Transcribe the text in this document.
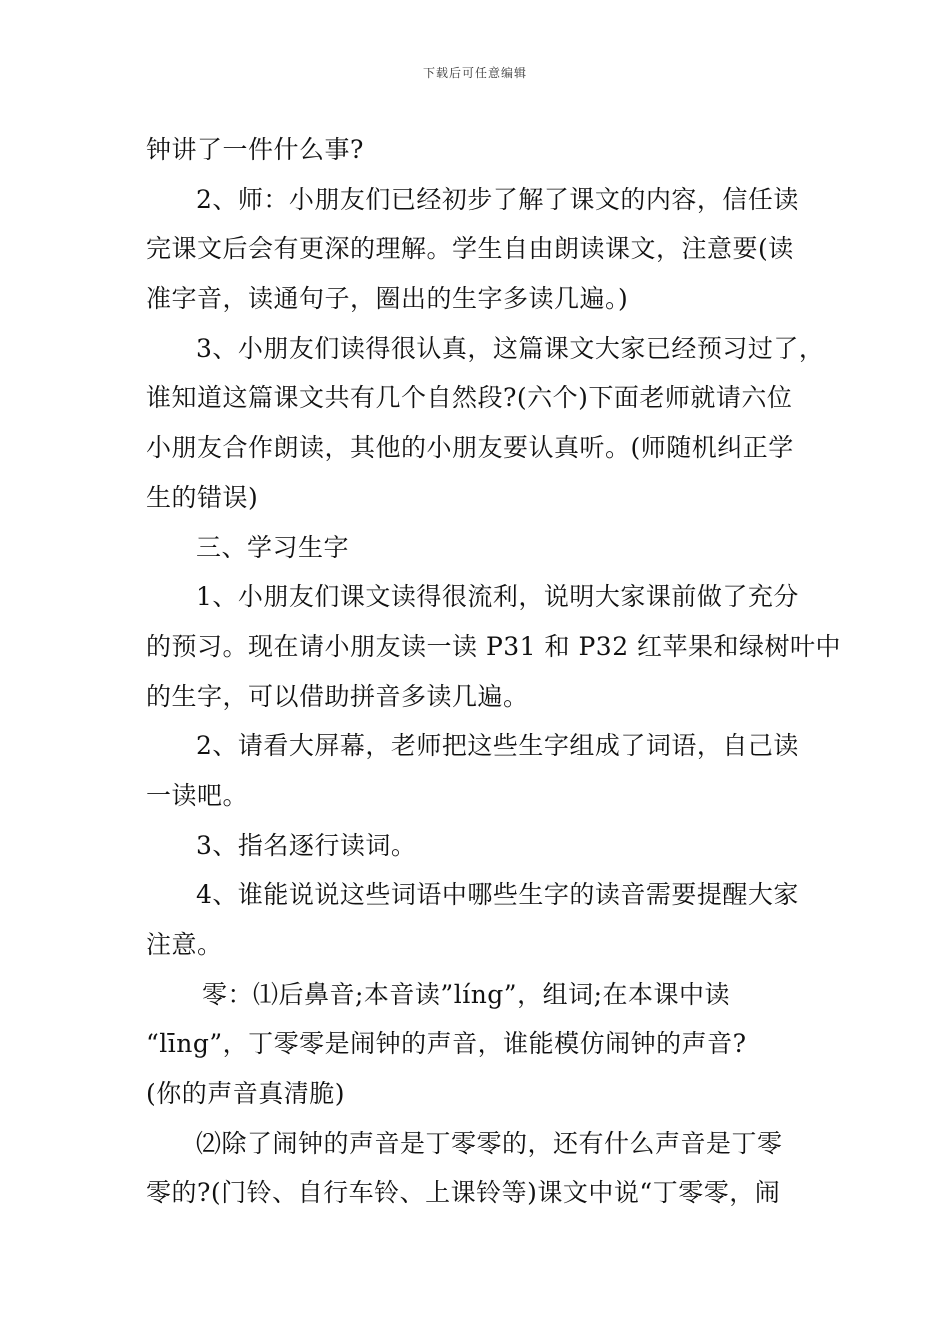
下载后可任意编辑
钟讲了一件什么事?
2、师：小朋友们已经初步了解了课文的内容，信任读
完课文后会有更深的理解。学生自由朗读课文，注意要(读
准字音，读通句子，圈出的生字多读几遍。)
3、小朋友们读得很认真，这篇课文大家已经预习过了，
谁知道这篇课文共有几个自然段?(六个)下面老师就请六位
小朋友合作朗读，其他的小朋友要认真听。(师随机纠正学
生的错误)
三、学习生字
1、小朋友们课文读得很流利，说明大家课前做了充分
的预习。现在请小朋友读一读 P31 和 P32 红苹果和绿树叶中
的生字，可以借助拼音多读几遍。
2、请看大屏幕，老师把这些生字组成了词语，自己读
一读吧。
3、指名逐行读词。
4、谁能说说这些词语中哪些生字的读音需要提醒大家
注意。
零：⑴后鼻音;本音读”líng”，组词;在本课中读
“līng”，丁零零是闹钟的声音，谁能模仿闹钟的声音?
(你的声音真清脆)
⑵除了闹钟的声音是丁零零的，还有什么声音是丁零
零的?(门铃、自行车铃、上课铃等)课文中说“丁零零，闹
